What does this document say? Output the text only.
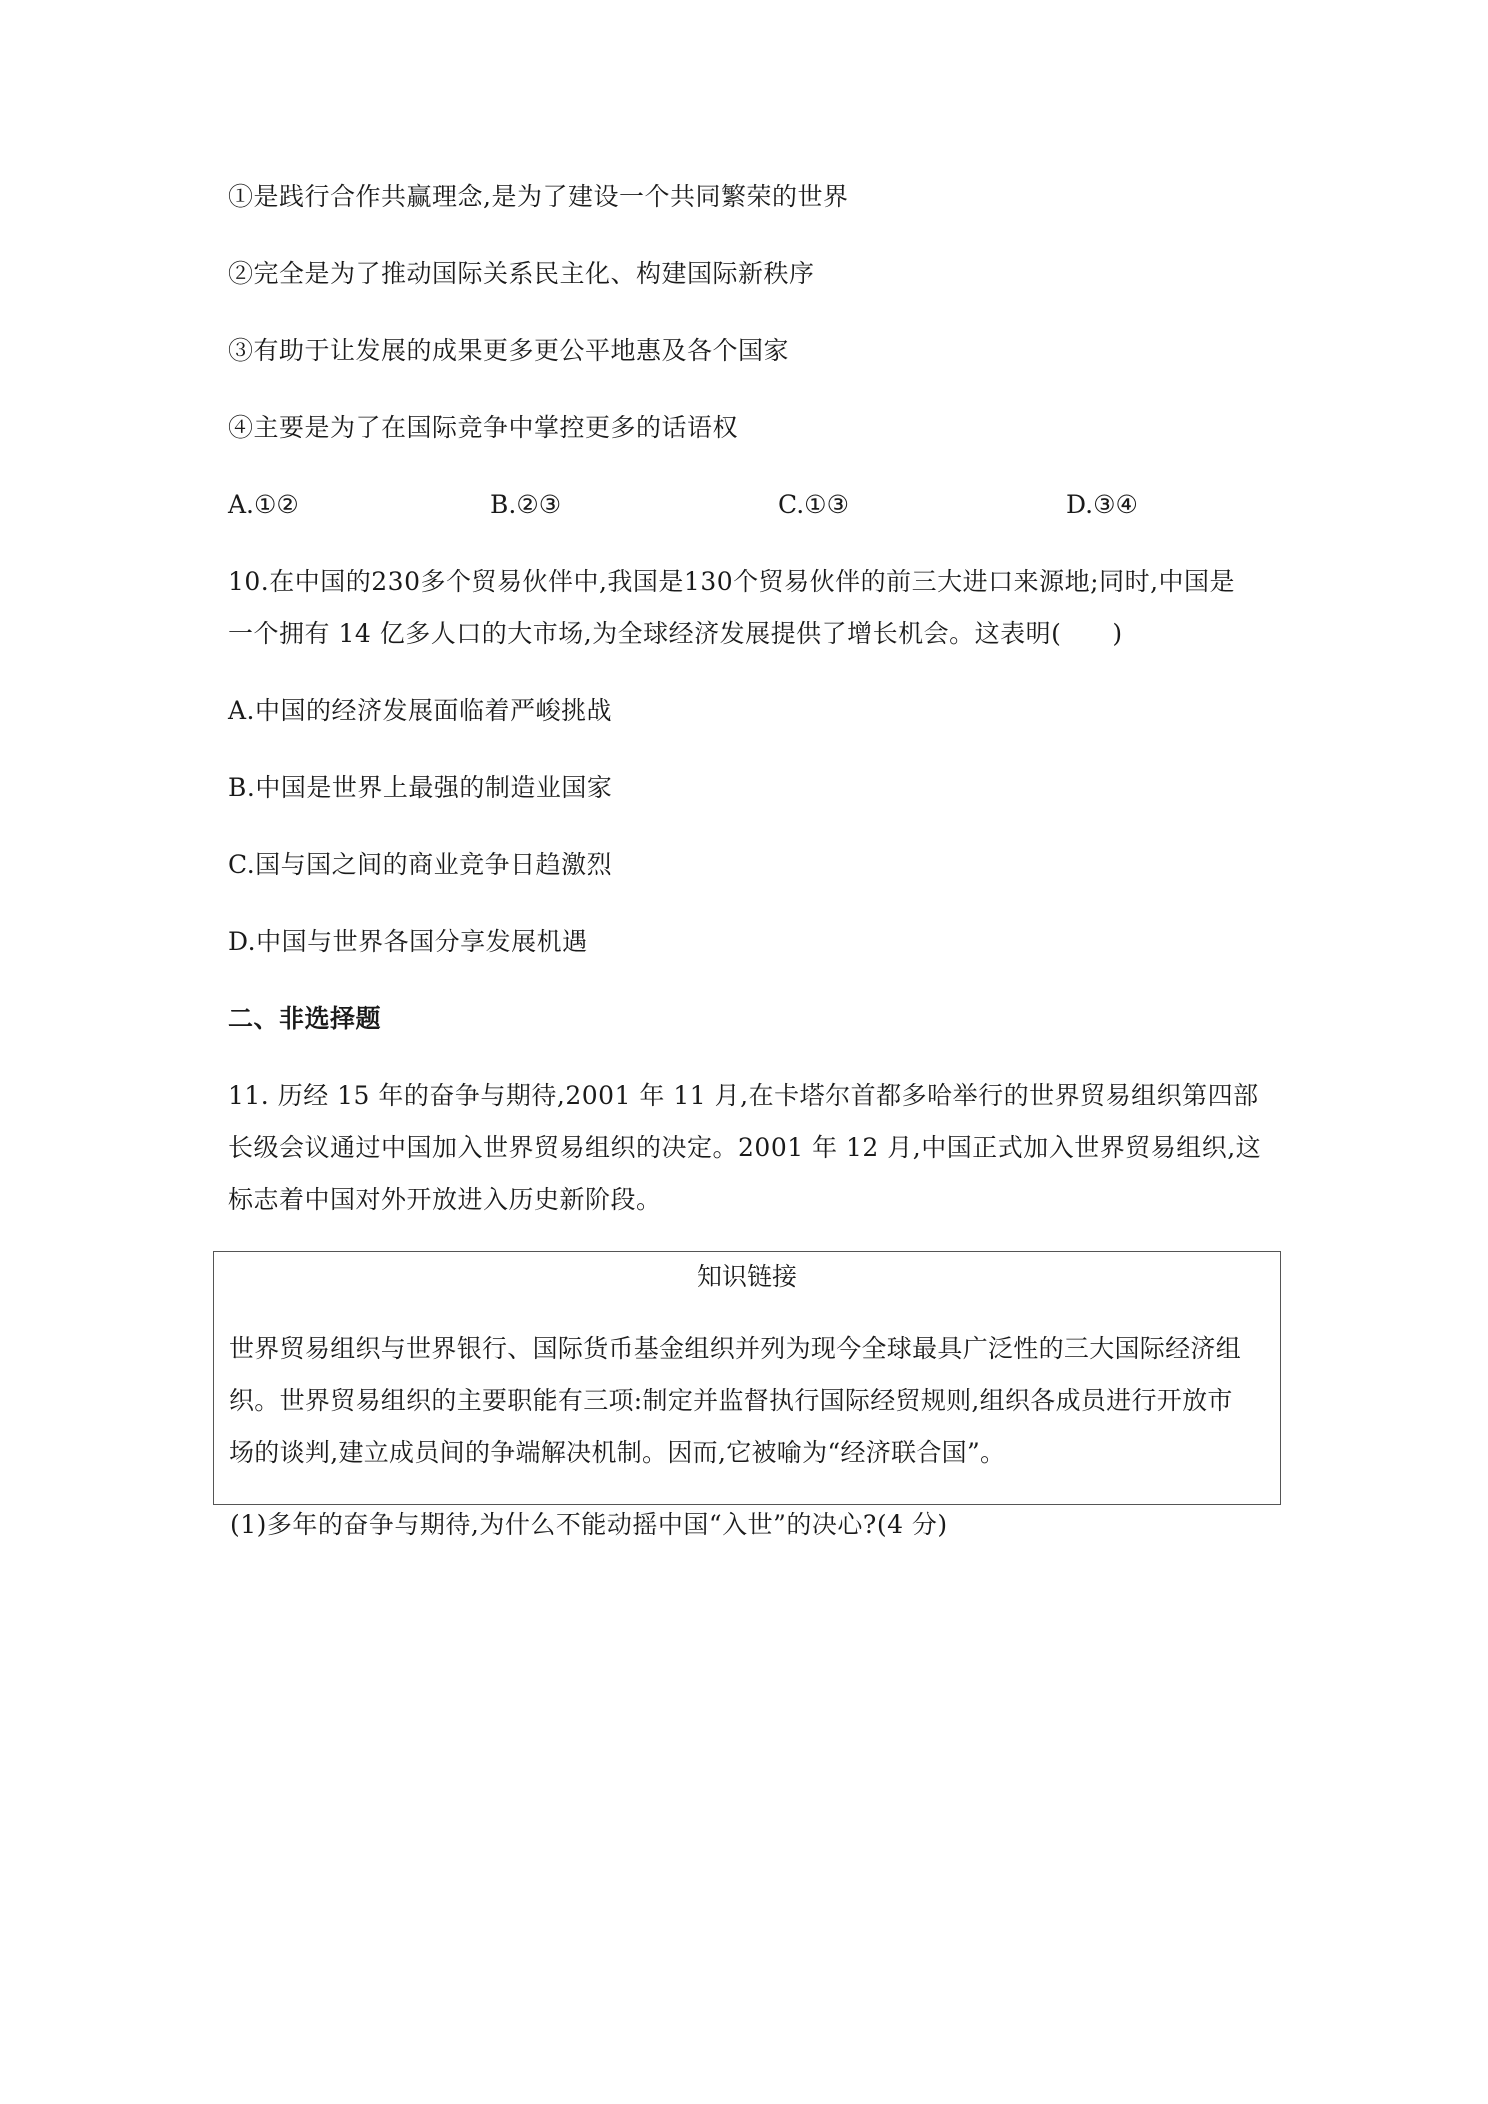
①是践行合作共赢理念,是为了建设一个共同繁荣的世界
②完全是为了推动国际关系民主化、构建国际新秩序
③有助于让发展的成果更多更公平地惠及各个国家
④主要是为了在国际竞争中掌控更多的话语权
A.①②	B.②③	C.①③	D.③④
10.在中国的230多个贸易伙伴中,我国是130个贸易伙伴的前三大进口来源地;同时,中国是
一个拥有 14 亿多人口的大市场,为全球经济发展提供了增长机会。这表明(　　)
A.中国的经济发展面临着严峻挑战
B.中国是世界上最强的制造业国家
C.国与国之间的商业竞争日趋激烈
D.中国与世界各国分享发展机遇
二、非选择题
11. 历经 15 年的奋争与期待,2001 年 11 月,在卡塔尔首都多哈举行的世界贸易组织第四部
长级会议通过中国加入世界贸易组织的决定。2001 年 12 月,中国正式加入世界贸易组织,这
标志着中国对外开放进入历史新阶段。
知识链接
世界贸易组织与世界银行、国际货币基金组织并列为现今全球最具广泛性的三大国际经济组
织。世界贸易组织的主要职能有三项:制定并监督执行国际经贸规则,组织各成员进行开放市
场的谈判,建立成员间的争端解决机制。因而,它被喻为“经济联合国”。
(1)多年的奋争与期待,为什么不能动摇中国“入世”的决心?(4 分)
